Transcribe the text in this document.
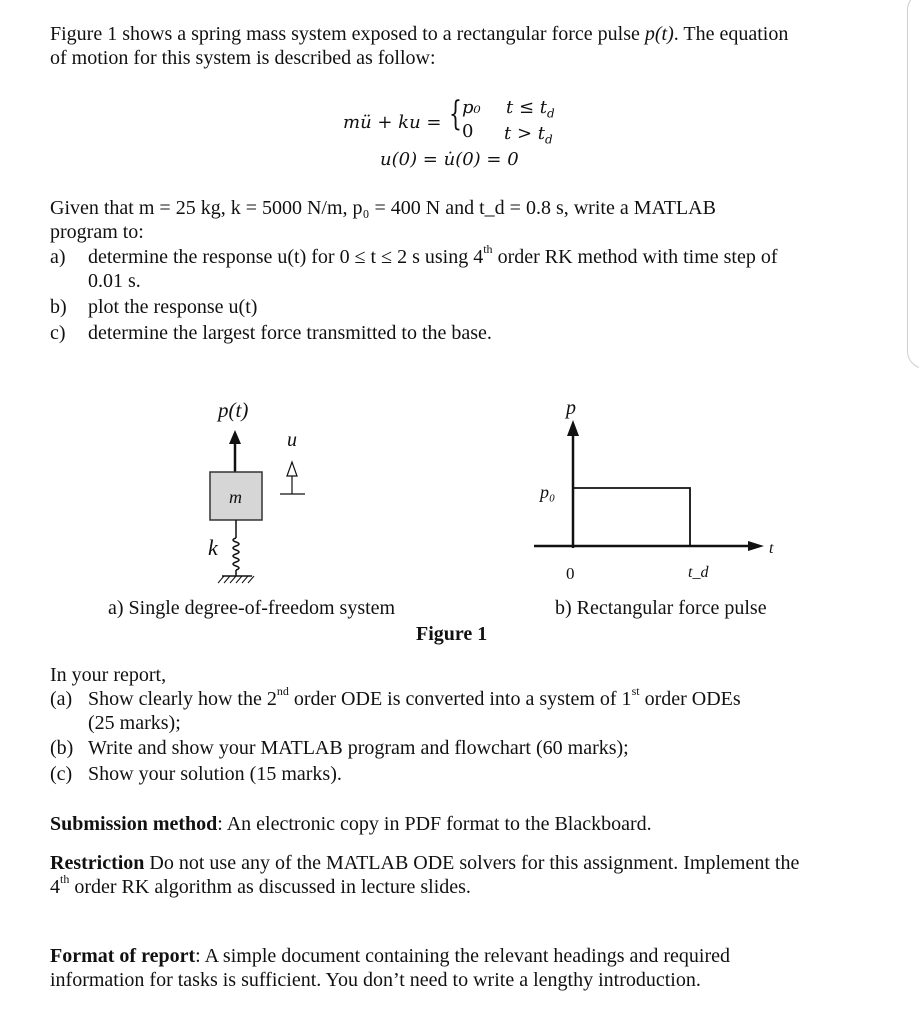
Figure 1 shows a spring mass system exposed to a rectangular force pulse p(t). The equation
of motion for this system is described as follow:
mü + ku = { p₀ $t \le t_d$
0 $t > t_d$
u(0) = u̇(0) = 0
Given that m = 25 kg, k = 5000 N/m, p₀ = 400 N and t_d = 0.8 s, write a MATLAB
program to:
a) determine the response u(t) for 0 ≤ t ≤ 2 s using 4th order RK method with time step of
0.01 s.
b) plot the response u(t)
c) determine the largest force transmitted to the base.
p(t)
u
m
k
a) Single degree-of-freedom system
p
p₀
t
0	t_d
b) Rectangular force pulse
Figure 1
In your report,
(a) Show clearly how the 2nd order ODE is converted into a system of 1st order ODEs
(25 marks);
(b) Write and show your MATLAB program and flowchart (60 marks);
(c) Show your solution (15 marks).
Submission method: An electronic copy in PDF format to the Blackboard.
Restriction Do not use any of the MATLAB ODE solvers for this assignment. Implement the
4th order RK algorithm as discussed in lecture slides.
Format of report: A simple document containing the relevant headings and required
information for tasks is sufficient. You don’t need to write a lengthy introduction.
